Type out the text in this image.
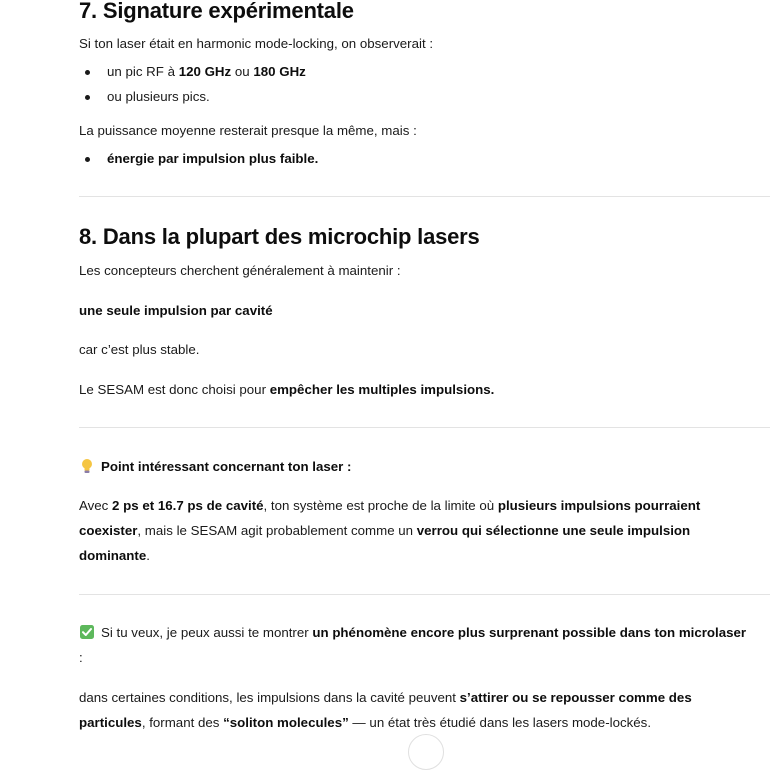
7. Signature expérimentale
Si ton laser était en harmonic mode-locking, on observerait :
un pic RF à 120 GHz ou 180 GHz
ou plusieurs pics.
La puissance moyenne resterait presque la même, mais :
énergie par impulsion plus faible.
8. Dans la plupart des microchip lasers
Les concepteurs cherchent généralement à maintenir :
une seule impulsion par cavité
car c’est plus stable.
Le SESAM est donc choisi pour empêcher les multiples impulsions.
Point intéressant concernant ton laser :
Avec 2 ps et 16.7 ps de cavité, ton système est proche de la limite où plusieurs impulsions pourraient coexister, mais le SESAM agit probablement comme un verrou qui sélectionne une seule impulsion dominante.
Si tu veux, je peux aussi te montrer un phénomène encore plus surprenant possible dans ton microlaser :
dans certaines conditions, les impulsions dans la cavité peuvent s’attirer ou se repousser comme des particules, formant des “soliton molecules” — un état très étudié dans les lasers mode-lockés.
